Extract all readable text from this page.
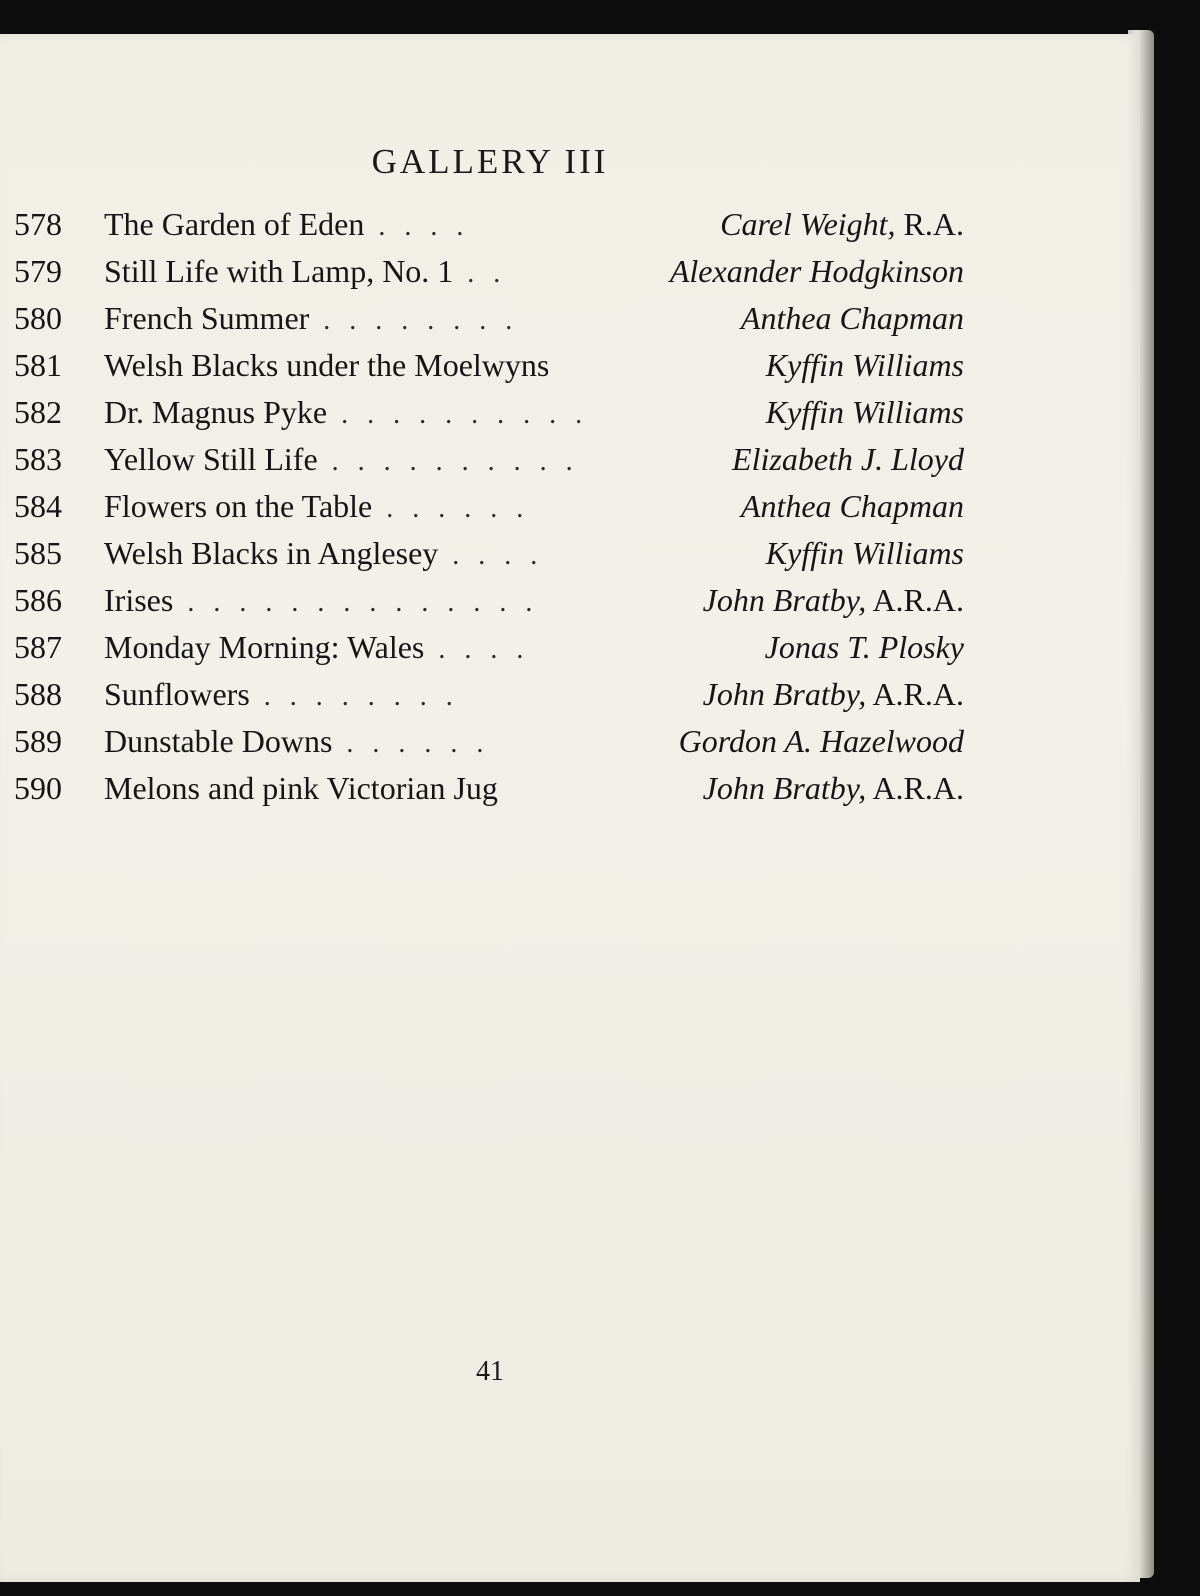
GALLERY III
578	The Garden of Eden . . . .	Carel Weight, R.A.
579	Still Life with Lamp, No. 1 . .	Alexander Hodgkinson
580	French Summer . . . . . . . .	Anthea Chapman
581	Welsh Blacks under the Moelwyns	Kyffin Williams
582	Dr. Magnus Pyke . . . . . . . . . .	Kyffin Williams
583	Yellow Still Life . . . . . . . . . .	Elizabeth J. Lloyd
584	Flowers on the Table . . . . . .	Anthea Chapman
585	Welsh Blacks in Anglesey . . . .	Kyffin Williams
586	Irises . . . . . . . . . . . . . .	John Bratby, A.R.A.
587	Monday Morning: Wales . . . .	Jonas T. Plosky
588	Sunflowers . . . . . . . .	John Bratby, A.R.A.
589	Dunstable Downs . . . . . .	Gordon A. Hazelwood
590	Melons and pink Victorian Jug	John Bratby, A.R.A.
41
